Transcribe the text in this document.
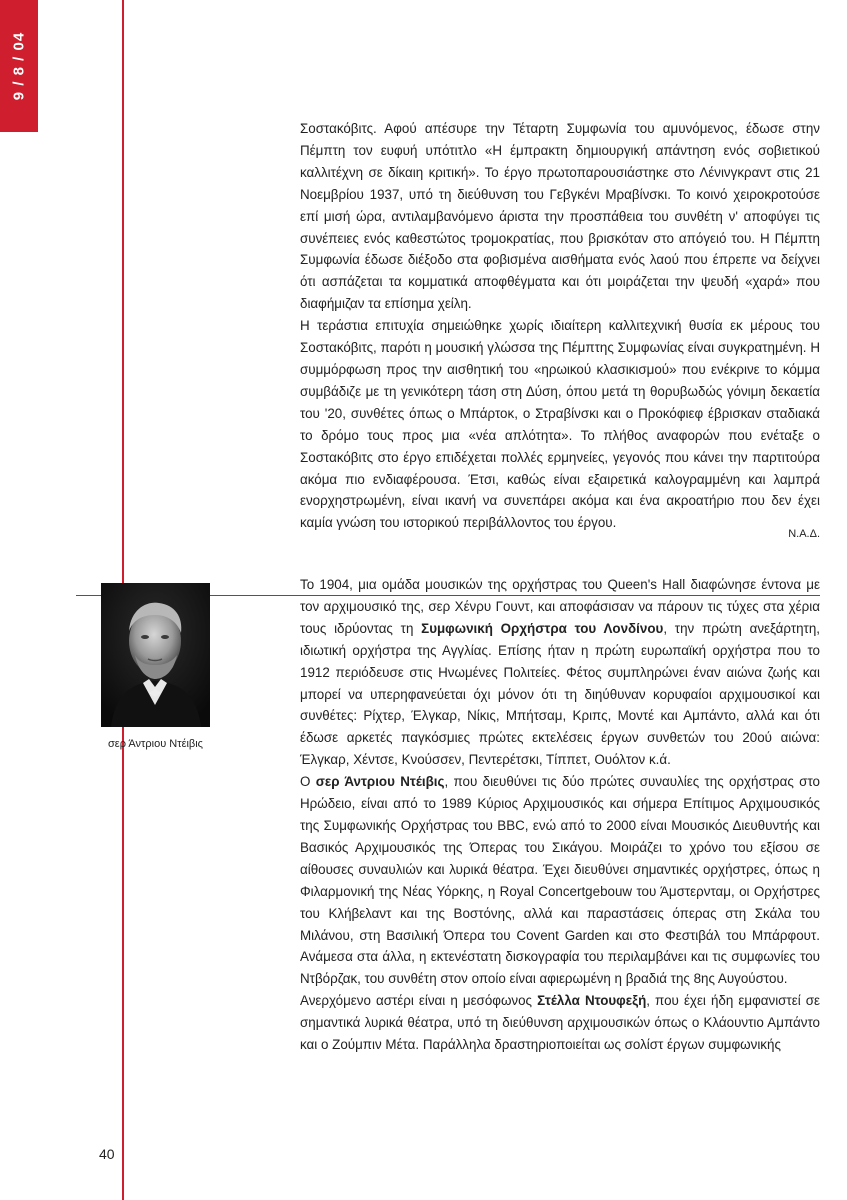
9 / 8 / 04

Σοστακόβιτς. Αφού απέσυρε την Τέταρτη Συμφωνία του αμυνόμενος, έδωσε στην Πέμπτη τον ευφυή υπότιτλο «Η έμπρακτη δημιουργική απάντηση ενός σοβιετικού καλλιτέχνη σε δίκαιη κριτική». Το έργο πρωτοπαρουσιάστηκε στο Λένινγκραντ στις 21 Νοεμβρίου 1937, υπό τη διεύθυνση του Γεβγκένι Μραβίνσκι. Το κοινό χειροκροτούσε επί μισή ώρα, αντιλαμβανόμενο άριστα την προσπάθεια του συνθέτη ν' αποφύγει τις συνέπειες ενός καθεστώτος τρομοκρατίας, που βρισκόταν στο απόγειό του. Η Πέμπτη Συμφωνία έδωσε διέξοδο στα φοβισμένα αισθήματα ενός λαού που έπρεπε να δείχνει ότι ασπάζεται τα κομματικά αποφθέγματα και ότι μοιράζεται την ψευδή «χαρά» που διαφήμιζαν τα επίσημα χείλη.

Η τεράστια επιτυχία σημειώθηκε χωρίς ιδιαίτερη καλλιτεχνική θυσία εκ μέρους του Σοστακόβιτς, παρότι η μουσική γλώσσα της Πέμπτης Συμφωνίας είναι συγκρατημένη. Η συμμόρφωση προς την αισθητική του «ηρωικού κλασικισμού» που ενέκρινε το κόμμα συμβάδιζε με τη γενικότερη τάση στη Δύση, όπου μετά τη θορυβωδώς γόνιμη δεκαετία του '20, συνθέτες όπως ο Μπάρτοκ, ο Στραβίνσκι και ο Προκόφιεφ έβρισκαν σταδιακά το δρόμο τους προς μια «νέα απλότητα». Το πλήθος αναφορών που ενέταξε ο Σοστακόβιτς στο έργο επιδέχεται πολλές ερμηνείες, γεγονός που κάνει την παρτιτούρα ακόμα πιο ενδιαφέρουσα. Έτσι, καθώς είναι εξαιρετικά καλογραμμένη και λαμπρά ενορχηστρωμένη, είναι ικανή να συνεπάρει ακόμα και ένα ακροατήριο που δεν έχει καμία γνώση του ιστορικού περιβάλλοντος του έργου.

Ν.Α.Δ.
σερ Άντριου Ντέιβις

Το 1904, μια ομάδα μουσικών της ορχήστρας του Queen's Hall διαφώνησε έντονα με τον αρχιμουσικό της, σερ Χένρυ Γουντ, και αποφάσισαν να πάρουν τις τύχες στα χέρια τους ιδρύοντας τη Συμφωνική Ορχήστρα του Λονδίνου, την πρώτη ανεξάρτητη, ιδιωτική ορχήστρα της Αγγλίας. Επίσης ήταν η πρώτη ευρωπαϊκή ορχήστρα που το 1912 περιόδευσε στις Ηνωμένες Πολιτείες. Φέτος συμπληρώνει έναν αιώνα ζωής και μπορεί να υπερηφανεύεται όχι μόνον ότι τη διηύθυναν κορυφαίοι αρχιμουσικοί και συνθέτες: Ρίχτερ, Έλγκαρ, Νίκις, Μπήτσαμ, Κριπς, Μοντέ και Αμπάντο, αλλά και ότι έδωσε αρκετές παγκόσμιες πρώτες εκτελέσεις έργων συνθετών του 20ού αιώνα: Έλγκαρ, Χέντσε, Κνούσσεν, Πεντερέτσκι, Τίππετ, Ουόλτον κ.ά.

Ο σερ Άντριου Ντέιβις, που διευθύνει τις δύο πρώτες συναυλίες της ορχήστρας στο Ηρώδειο, είναι από το 1989 Κύριος Αρχιμουσικός και σήμερα Επίτιμος Αρχιμουσικός της Συμφωνικής Ορχήστρας του BBC, ενώ από το 2000 είναι Μουσικός Διευθυντής και Βασικός Αρχιμουσικός της Όπερας του Σικάγου. Μοιράζει το χρόνο του εξίσου σε αίθουσες συναυλιών και λυρικά θέατρα. Έχει διευθύνει σημαντικές ορχήστρες, όπως η Φιλαρμονική της Νέας Υόρκης, η Royal Concertgebouw του Άμστερνταμ, οι Ορχήστρες του Κλήβελαντ και της Βοστόνης, αλλά και παραστάσεις όπερας στη Σκάλα του Μιλάνου, στη Βασιλική Όπερα του Covent Garden και στο Φεστιβάλ του Μπάρφουτ. Ανάμεσα στα άλλα, η εκτενέστατη δισκογραφία του περιλαμβάνει και τις συμφωνίες του Ντβόρζακ, του συνθέτη στον οποίο είναι αφιερωμένη η βραδιά της 8ης Αυγούστου.

Ανερχόμενο αστέρι είναι η μεσόφωνος Στέλλα Ντουφεξή, που έχει ήδη εμφανιστεί σε σημαντικά λυρικά θέατρα, υπό τη διεύθυνση αρχιμουσικών όπως ο Κλάουντιο Αμπάντο και ο Ζούμπιν Μέτα. Παράλληλα δραστηριοποιείται ως σολίστ έργων συμφωνικής

40
